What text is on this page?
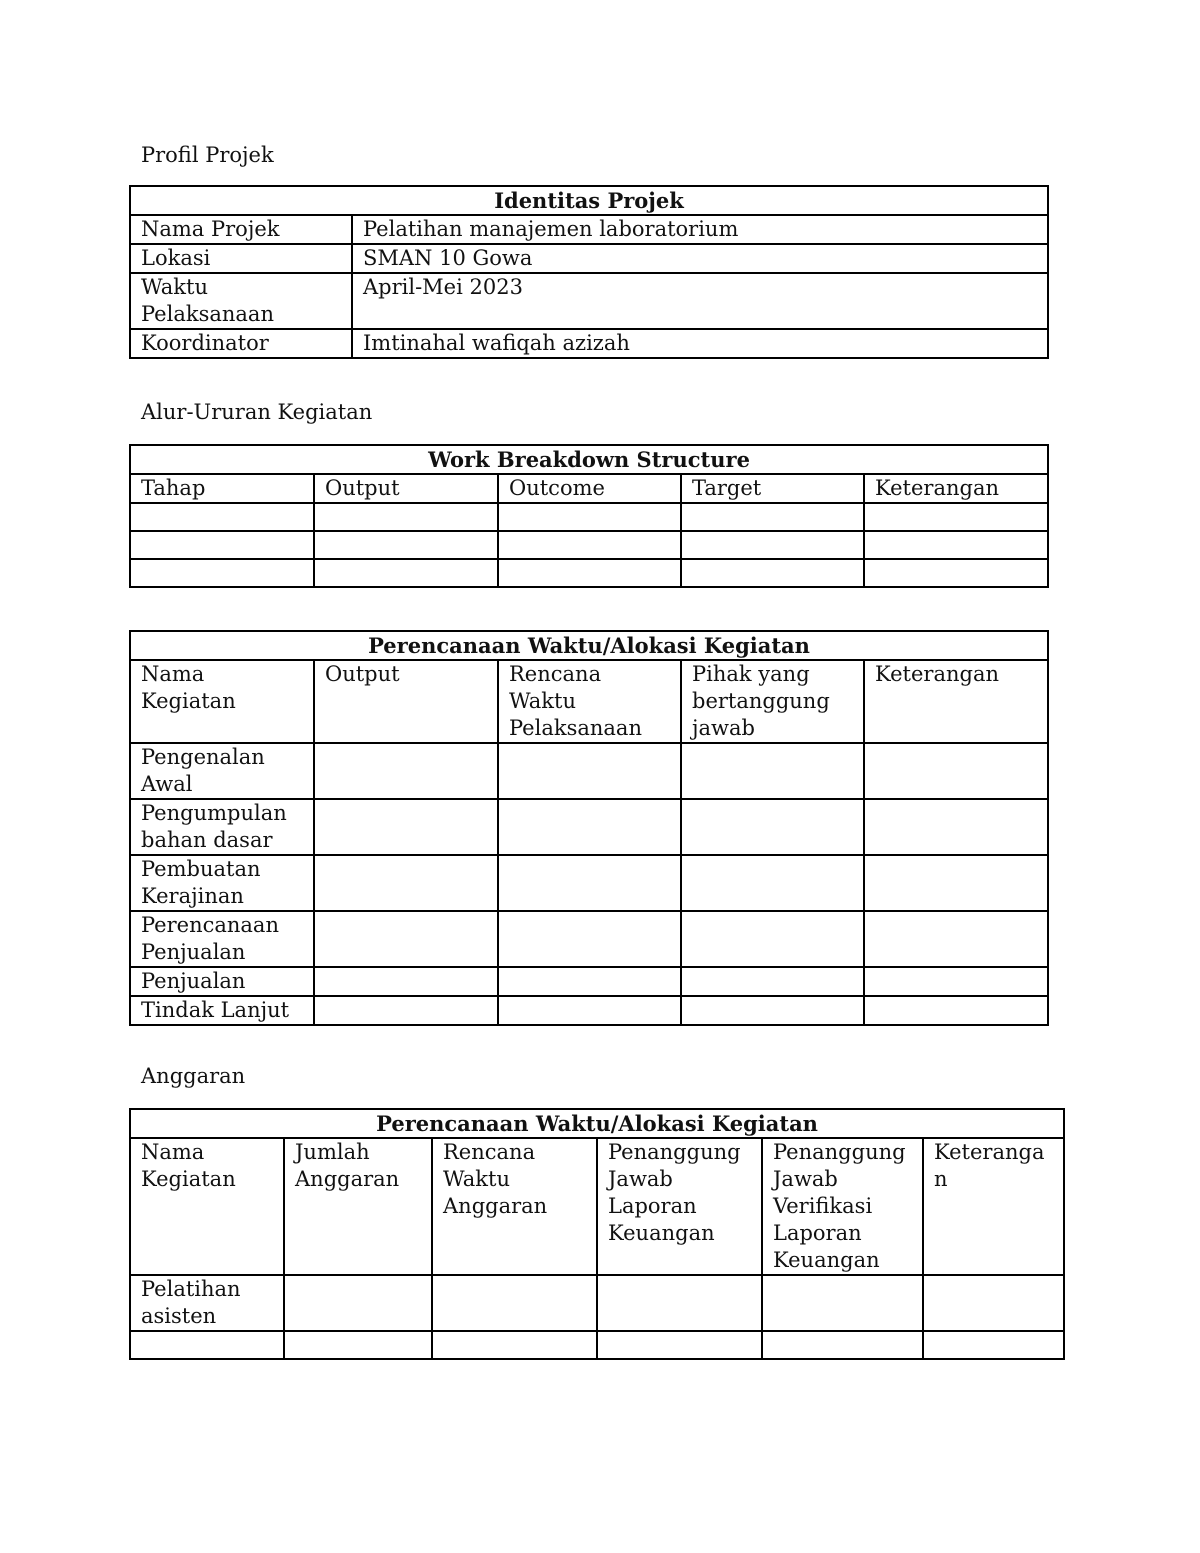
Profil Projek

Identitas Projek	
Nama Projek	Pelatihan manajemen laboratorium
Lokasi	SMAN 10 Gowa
Waktu Pelaksanaan	April-Mei 2023
Koordinator	Imtinahal wafiqah azizah

Alur-Ururan Kegiatan

Work Breakdown Structure				
Tahap	Output	Outcome	Target	Keterangan

Perencanaan Waktu/Alokasi Kegiatan				
Nama Kegiatan	Output	Rencana Waktu Pelaksanaan	Pihak yang bertanggung jawab	Keterangan
Pengenalan Awal				
Pengumpulan bahan dasar				
Pembuatan Kerajinan				
Perencanaan Penjualan				
Penjualan				
Tindak Lanjut				

Anggaran

Perencanaan Waktu/Alokasi Kegiatan					
Nama Kegiatan	Jumlah Anggaran	Rencana Waktu Anggaran	Penanggung Jawab Laporan Keuangan	Penanggung Jawab Verifikasi Laporan Keuangan	Keterangan
Pelatihan asisten					
